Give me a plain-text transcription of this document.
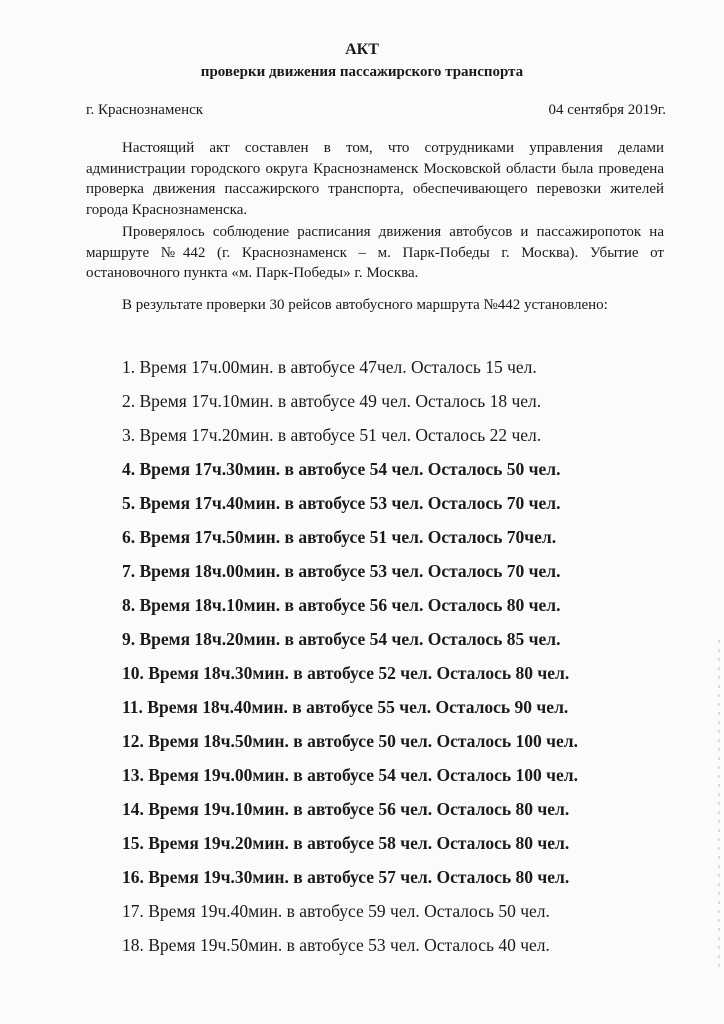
АКТ
проверки движения пассажирского транспорта
г. Краснознаменск	04 сентября 2019г.

Настоящий акт составлен в том, что сотрудниками управления делами администрации городского округа Краснознаменск Московской области была проведена проверка движения пассажирского транспорта, обеспечивающего перевозки жителей города Краснознаменска.

Проверялось соблюдение расписания движения автобусов и пассажиропоток на маршруте №442 (г. Краснознаменск – м. Парк-Победы г. Москва). Убытие от остановочного пункта «м. Парк-Победы» г. Москва.

В результате проверки 30 рейсов автобусного маршрута №442 установлено:

1. Время 17ч.00мин. в автобусе 47чел. Осталось 15 чел.
2. Время 17ч.10мин. в автобусе 49 чел. Осталось 18 чел.
3. Время 17ч.20мин. в автобусе 51 чел. Осталось 22 чел.
4. Время 17ч.30мин. в автобусе 54 чел. Осталось 50 чел.
5. Время 17ч.40мин. в автобусе 53 чел. Осталось 70 чел.
6. Время 17ч.50мин. в автобусе 51 чел. Осталось 70чел.
7. Время 18ч.00мин. в автобусе 53 чел. Осталось 70 чел.
8. Время 18ч.10мин. в автобусе 56 чел. Осталось 80 чел.
9. Время 18ч.20мин. в автобусе 54 чел. Осталось 85 чел.
10. Время 18ч.30мин. в автобусе 52 чел. Осталось 80 чел.
11. Время 18ч.40мин. в автобусе 55 чел. Осталось 90 чел.
12. Время 18ч.50мин. в автобусе 50 чел. Осталось 100 чел.
13. Время 19ч.00мин. в автобусе 54 чел. Осталось 100 чел.
14. Время 19ч.10мин. в автобусе 56 чел. Осталось 80 чел.
15. Время 19ч.20мин. в автобусе 58 чел. Осталось 80 чел.
16. Время 19ч.30мин. в автобусе 57 чел. Осталось 80 чел.
17. Время 19ч.40мин. в автобусе 59 чел. Осталось 50 чел.
18. Время 19ч.50мин. в автобусе 53 чел. Осталось 40 чел.
